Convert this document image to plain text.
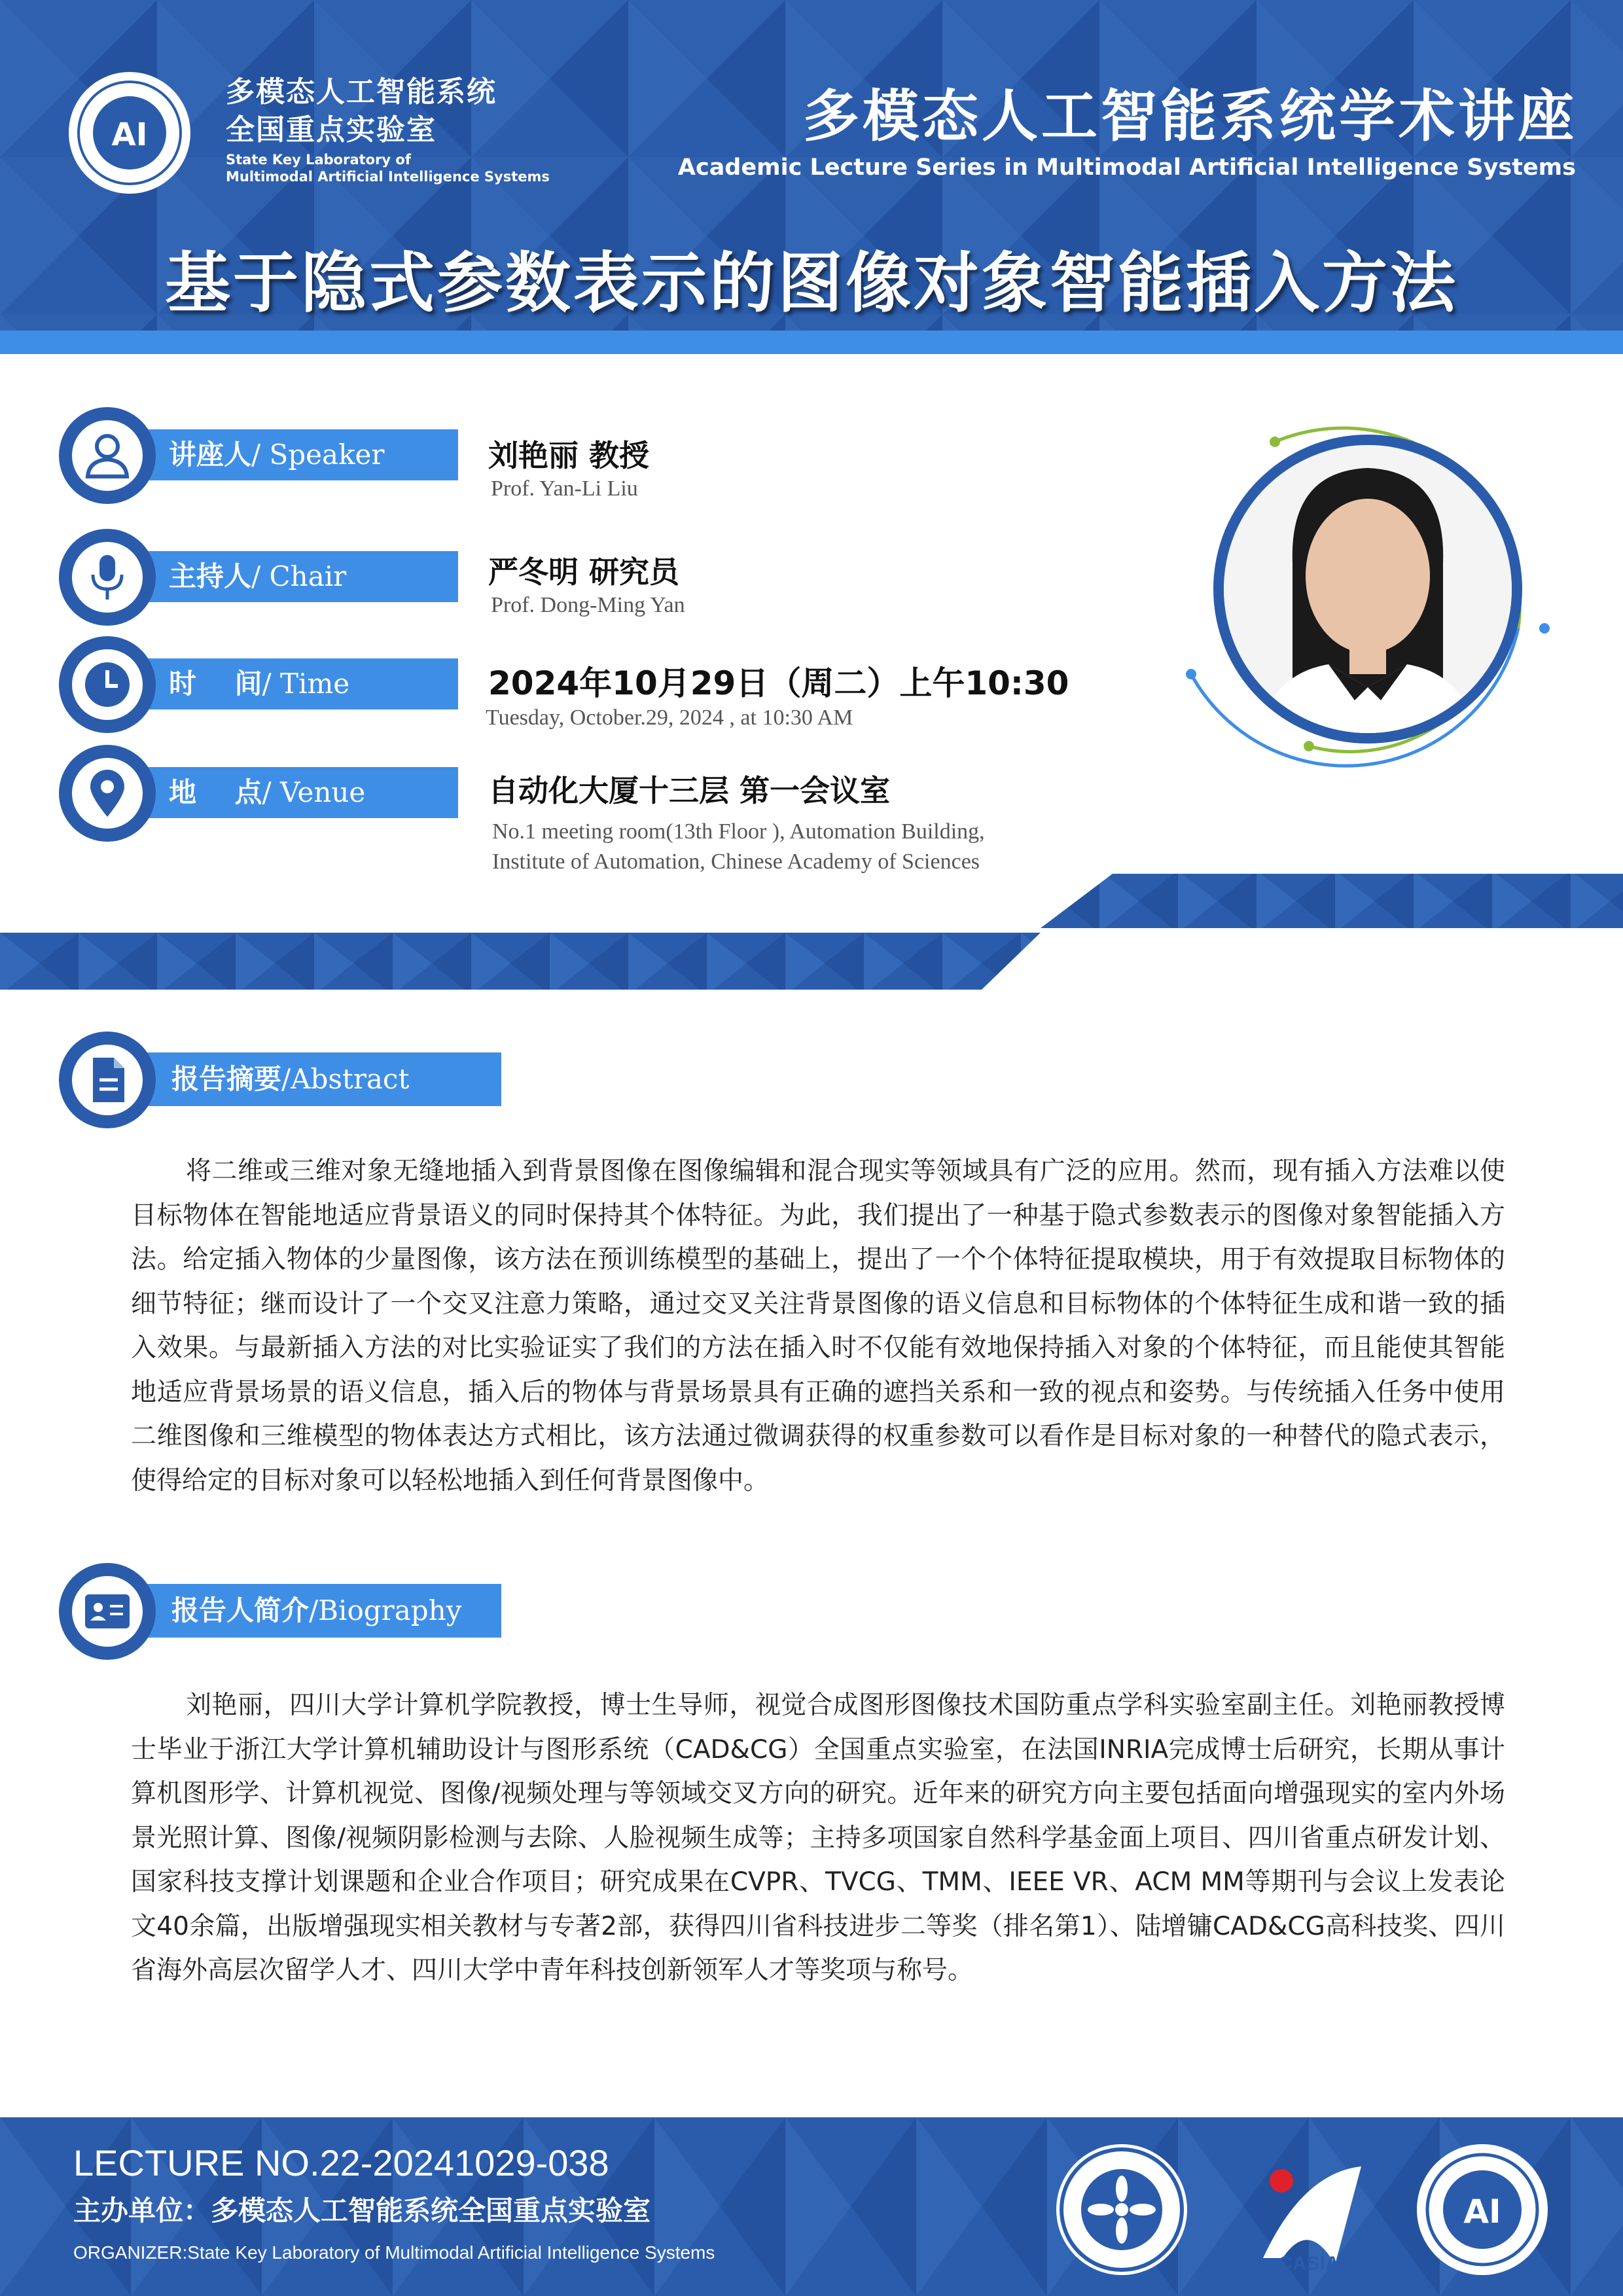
AI
多模态人工智能系统
全国重点实验室
State Key Laboratory of
Multimodal Artificial Intelligence Systems
多模态人工智能系统学术讲座
Academic Lecture Series in Multimodal Artificial Intelligence Systems
基于隐式参数表示的图像对象智能插入方法
讲座人/ Speaker	刘艳丽 教授
Prof. Yan-Li Liu
主持人/ Chair	严冬明 研究员
Prof. Dong-Ming Yan
时    间/ Time	2024年10月29日（周二）上午10:30
Tuesday, October.29, 2024 , at 10:30 AM
地    点/ Venue	自动化大厦十三层 第一会议室
No.1 meeting room(13th Floor ), Automation Building,
Institute of Automation, Chinese Academy of Sciences
报告摘要/Abstract
将二维或三维对象无缝地插入到背景图像在图像编辑和混合现实等领域具有广泛的应用。然而，现有插入方法难以使目标物体在智能地适应背景语义的同时保持其个体特征。为此，我们提出了一种基于隐式参数表示的图像对象智能插入方法。给定插入物体的少量图像，该方法在预训练模型的基础上，提出了一个个体特征提取模块，用于有效提取目标物体的细节特征；继而设计了一个交叉注意力策略，通过交叉关注背景图像的语义信息和目标物体的个体特征生成和谐一致的插入效果。与最新插入方法的对比实验证实了我们的方法在插入时不仅能有效地保持插入对象的个体特征，而且能使其智能地适应背景场景的语义信息，插入后的物体与背景场景具有正确的遮挡关系和一致的视点和姿势。与传统插入任务中使用二维图像和三维模型的物体表达方式相比，该方法通过微调获得的权重参数可以看作是目标对象的一种替代的隐式表示，使得给定的目标对象可以轻松地插入到任何背景图像中。
报告人简介/Biography
刘艳丽，四川大学计算机学院教授，博士生导师，视觉合成图形图像技术国防重点学科实验室副主任。刘艳丽教授博士毕业于浙江大学计算机辅助设计与图形系统（CAD&CG）全国重点实验室，在法国INRIA完成博士后研究，长期从事计算机图形学、计算机视觉、图像/视频处理与等领域交叉方向的研究。近年来的研究方向主要包括面向增强现实的室内外场景光照计算、图像/视频阴影检测与去除、人脸视频生成等；主持多项国家自然科学基金面上项目、四川省重点研发计划、国家科技支撑计划课题和企业合作项目；研究成果在CVPR、TVCG、TMM、IEEE VR、ACM MM等期刊与会议上发表论文40余篇，出版增强现实相关教材与专著2部，获得四川省科技进步二等奖（排名第1）、陆增镛CAD&CG高科技奖、四川省海外高层次留学人才、四川大学中青年科技创新领军人才等奖项与称号。
LECTURE NO.22-20241029-038
主办单位：多模态人工智能系统全国重点实验室
ORGANIZER:State Key Laboratory of Multimodal Artificial Intelligence Systems
CASIA
AI
